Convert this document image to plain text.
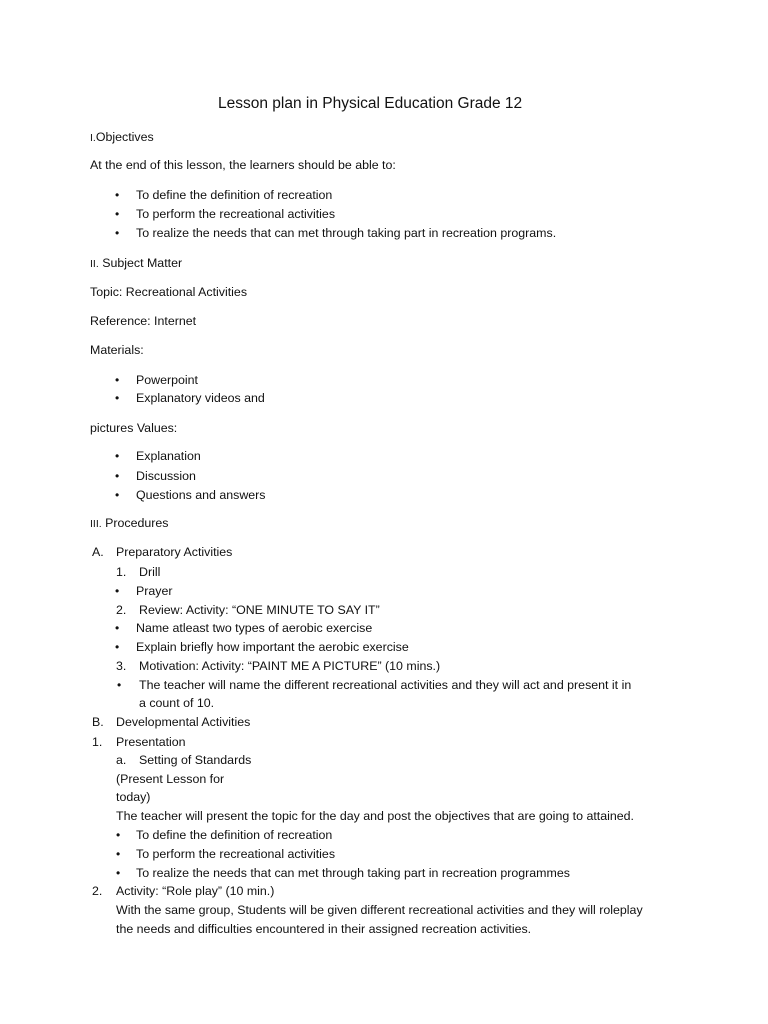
Lesson plan in Physical Education Grade 12
I.Objectives
At the end of this lesson, the learners should be able to:
• To define the definition of recreation
• To perform the recreational activities
• To realize the needs that can met through taking part in recreation programs.
II. Subject Matter
Topic: Recreational Activities
Reference: Internet
Materials:
• Powerpoint
• Explanatory videos and
pictures Values:
• Explanation
• Discussion
• Questions and answers
III. Procedures
A. Preparatory Activities
1. Drill
• Prayer
2. Review: Activity: “ONE MINUTE TO SAY IT”
• Name atleast two types of aerobic exercise
• Explain briefly how important the aerobic exercise
3. Motivation: Activity: “PAINT ME A PICTURE” (10 mins.)
• The teacher will name the different recreational activities and they will act and present it in
a count of 10.
B. Developmental Activities
1. Presentation
a. Setting of Standards
(Present Lesson for
today)
The teacher will present the topic for the day and post the objectives that are going to attained.
• To define the definition of recreation
• To perform the recreational activities
• To realize the needs that can met through taking part in recreation programmes
2. Activity: “Role play” (10 min.)
With the same group, Students will be given different recreational activities and they will roleplay
the needs and difficulties encountered in their assigned recreation activities.
